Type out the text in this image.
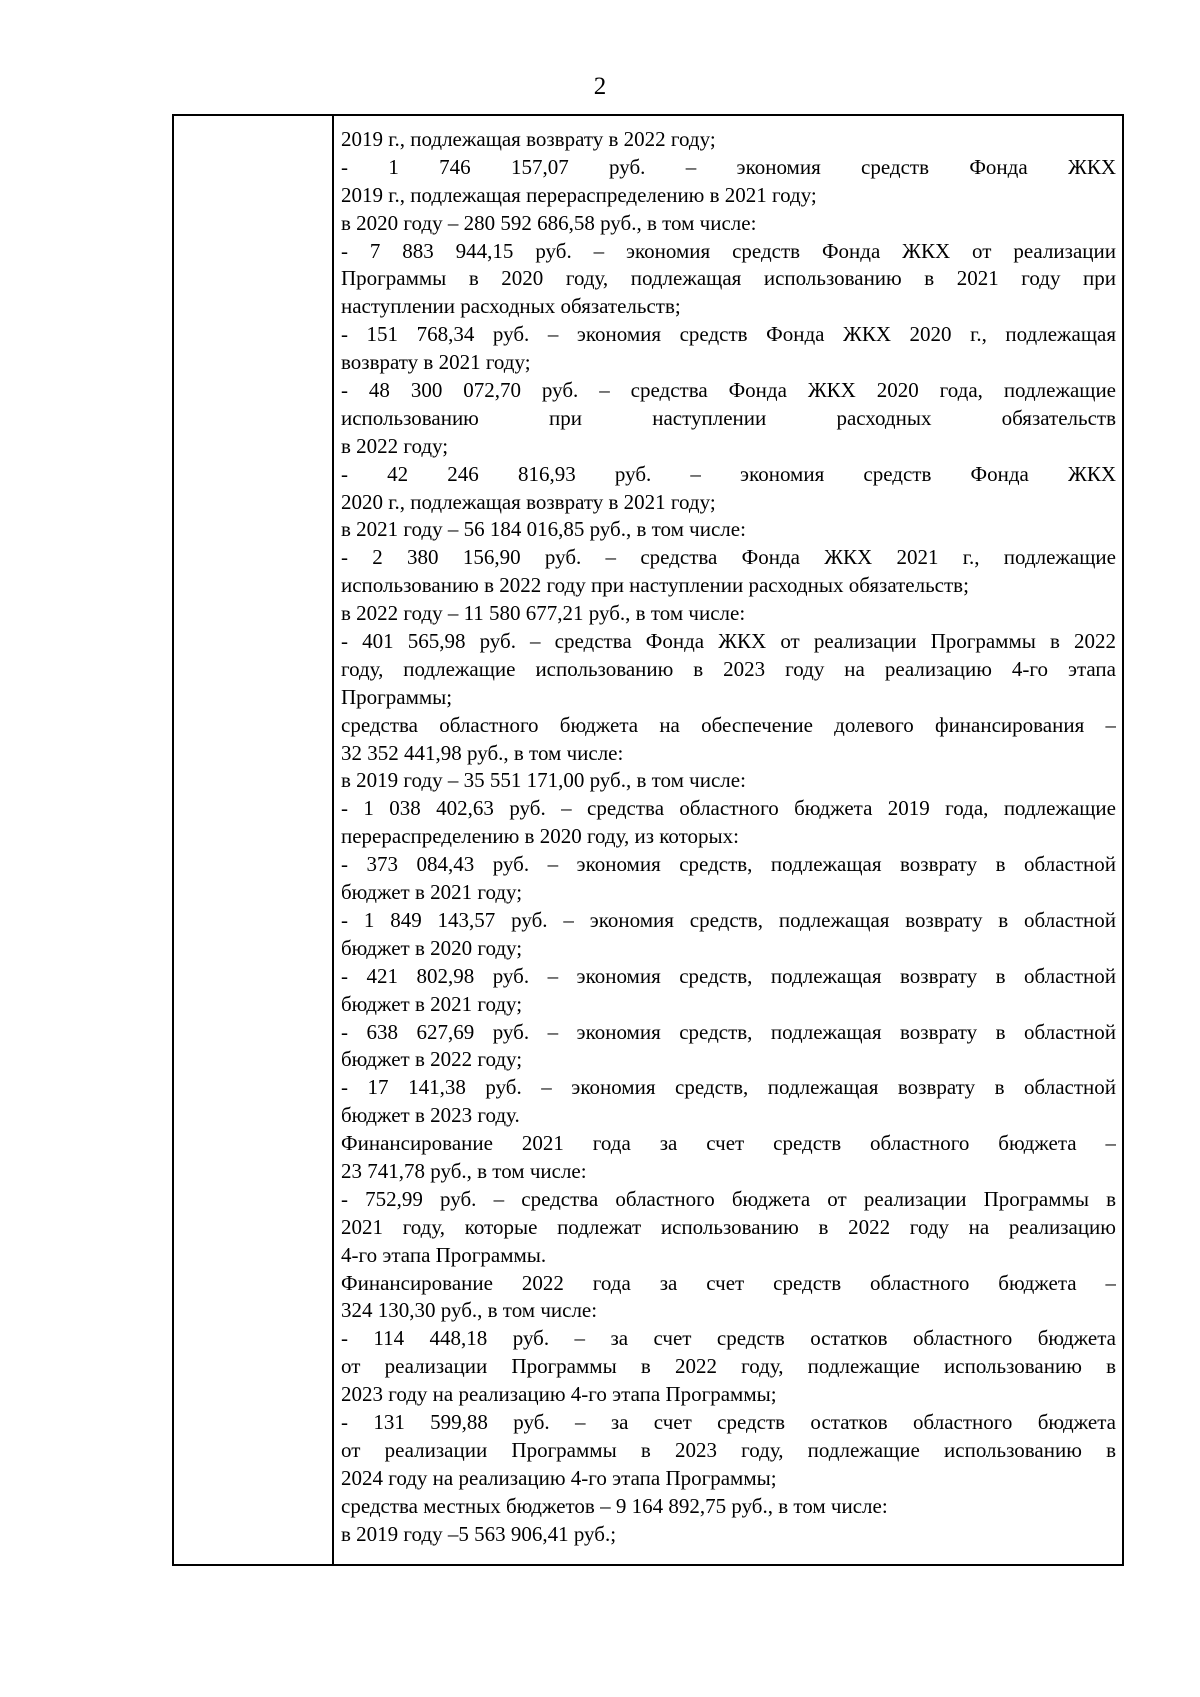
2
2019 г., подлежащая возврату в 2022 году;
- 1 746 157,07 руб. – экономия средств Фонда ЖКХ
2019 г., подлежащая перераспределению в 2021 году;
в 2020 году – 280 592 686,58 руб., в том числе:
- 7 883 944,15 руб. – экономия средств Фонда ЖКХ от реализации
Программы в 2020 году, подлежащая использованию в 2021 году при
наступлении расходных обязательств;
- 151 768,34 руб. – экономия средств Фонда ЖКХ 2020 г., подлежащая
возврату в 2021 году;
- 48 300 072,70 руб. – средства Фонда ЖКХ 2020 года, подлежащие
использованию при наступлении расходных обязательств
в 2022 году;
- 42 246 816,93 руб. – экономия средств Фонда ЖКХ
2020 г., подлежащая возврату в 2021 году;
в 2021 году – 56 184 016,85 руб., в том числе:
- 2 380 156,90 руб. – средства Фонда ЖКХ 2021 г., подлежащие
использованию в 2022 году при наступлении расходных обязательств;
в 2022 году – 11 580 677,21 руб., в том числе:
- 401 565,98 руб. – средства Фонда ЖКХ от реализации Программы в 2022
году, подлежащие использованию в 2023 году на реализацию 4-го этапа
Программы;
средства областного бюджета на обеспечение долевого финансирования –
32 352 441,98 руб., в том числе:
в 2019 году – 35 551 171,00 руб., в том числе:
- 1 038 402,63 руб. – средства областного бюджета 2019 года, подлежащие
перераспределению в 2020 году, из которых:
- 373 084,43 руб. – экономия средств, подлежащая возврату в областной
бюджет в 2021 году;
- 1 849 143,57 руб. – экономия средств, подлежащая возврату в областной
бюджет в 2020 году;
- 421 802,98 руб. – экономия средств, подлежащая возврату в областной
бюджет в 2021 году;
- 638 627,69 руб. – экономия средств, подлежащая возврату в областной
бюджет в 2022 году;
- 17 141,38 руб. – экономия средств, подлежащая возврату в областной
бюджет в 2023 году.
Финансирование 2021 года за счет средств областного бюджета –
23 741,78 руб., в том числе:
- 752,99 руб. – средства областного бюджета от реализации Программы в
2021 году, которые подлежат использованию в 2022 году на реализацию
4-го этапа Программы.
Финансирование 2022 года за счет средств областного бюджета –
324 130,30 руб., в том числе:
- 114 448,18 руб. – за счет средств остатков областного бюджета
от реализации Программы в 2022 году, подлежащие использованию в
2023 году на реализацию 4-го этапа Программы;
- 131 599,88 руб. – за счет средств остатков областного бюджета
от реализации Программы в 2023 году, подлежащие использованию в
2024 году на реализацию 4-го этапа Программы;
средства местных бюджетов – 9 164 892,75 руб., в том числе:
в 2019 году –5 563 906,41 руб.;
